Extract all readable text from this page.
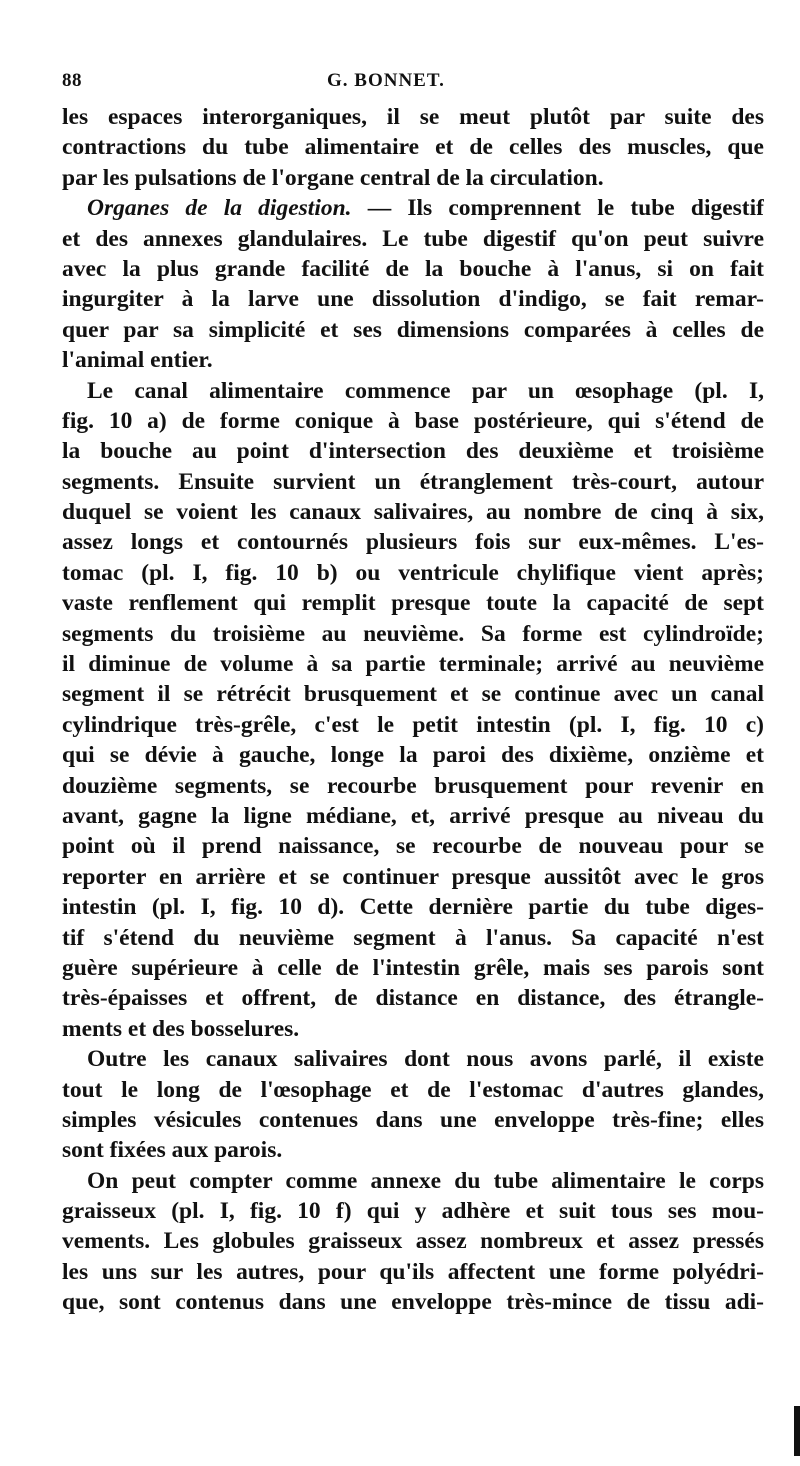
88	G. BONNET.
les espaces interorganiques, il se meut plutôt par suite des
contractions du tube alimentaire et de celles des muscles, que
par les pulsations de l'organe central de la circulation.
Organes de la digestion. — Ils comprennent le tube digestif
et des annexes glandulaires. Le tube digestif qu'on peut suivre
avec la plus grande facilité de la bouche à l'anus, si on fait
ingurgiter à la larve une dissolution d'indigo, se fait remar-
quer par sa simplicité et ses dimensions comparées à celles de
l'animal entier.
Le canal alimentaire commence par un œsophage (pl. I,
fig. 10 a) de forme conique à base postérieure, qui s'étend de
la bouche au point d'intersection des deuxième et troisième
segments. Ensuite survient un étranglement très-court, autour
duquel se voient les canaux salivaires, au nombre de cinq à six,
assez longs et contournés plusieurs fois sur eux-mêmes. L'es-
tomac (pl. I, fig. 10 b) ou ventricule chylifique vient après;
vaste renflement qui remplit presque toute la capacité de sept
segments du troisième au neuvième. Sa forme est cylindroïde;
il diminue de volume à sa partie terminale; arrivé au neuvième
segment il se rétrécit brusquement et se continue avec un canal
cylindrique très-grêle, c'est le petit intestin (pl. I, fig. 10 c)
qui se dévie à gauche, longe la paroi des dixième, onzième et
douzième segments, se recourbe brusquement pour revenir en
avant, gagne la ligne médiane, et, arrivé presque au niveau du
point où il prend naissance, se recourbe de nouveau pour se
reporter en arrière et se continuer presque aussitôt avec le gros
intestin (pl. I, fig. 10 d). Cette dernière partie du tube diges-
tif s'étend du neuvième segment à l'anus. Sa capacité n'est
guère supérieure à celle de l'intestin grêle, mais ses parois sont
très-épaisses et offrent, de distance en distance, des étrangle-
ments et des bosselures.
Outre les canaux salivaires dont nous avons parlé, il existe
tout le long de l'œsophage et de l'estomac d'autres glandes,
simples vésicules contenues dans une enveloppe très-fine; elles
sont fixées aux parois.
On peut compter comme annexe du tube alimentaire le corps
graisseux (pl. I, fig. 10 f) qui y adhère et suit tous ses mou-
vements. Les globules graisseux assez nombreux et assez pressés
les uns sur les autres, pour qu'ils affectent une forme polyédri-
que, sont contenus dans une enveloppe très-mince de tissu adi-
